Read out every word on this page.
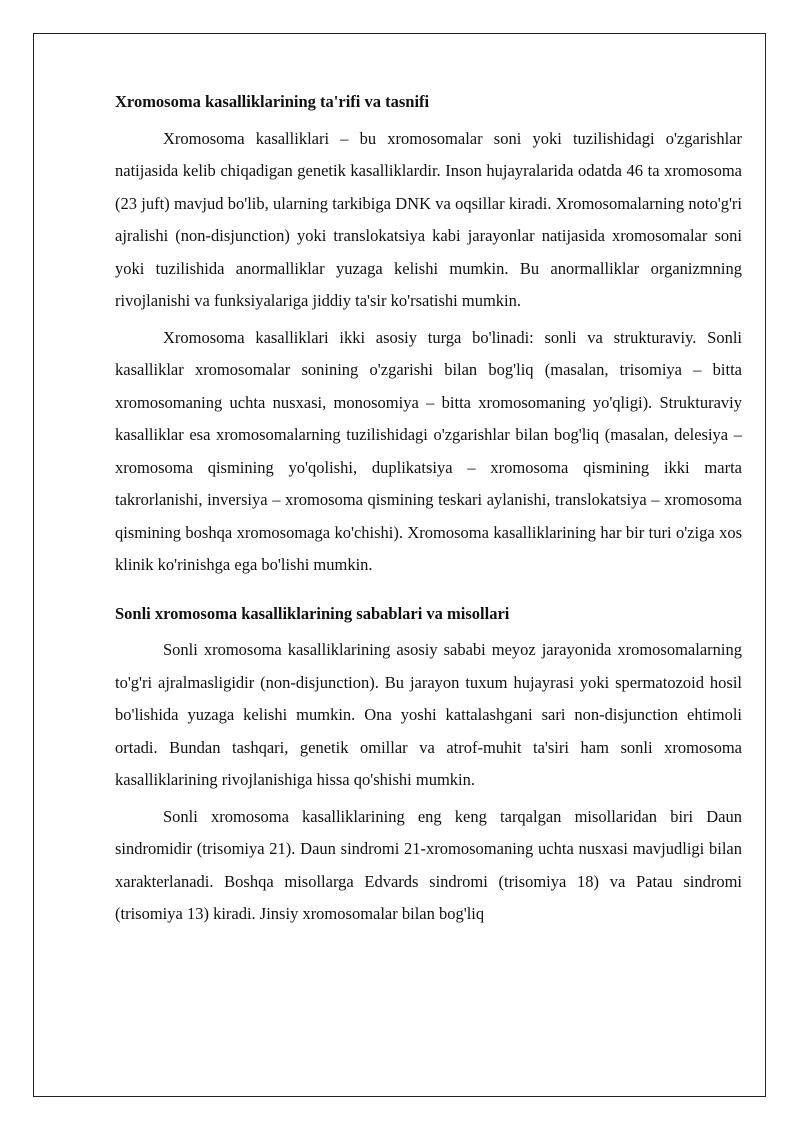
Xromosoma kasalliklarining ta'rifi va tasnifi

Xromosoma kasalliklari – bu xromosomalar soni yoki tuzilishidagi o'zgarishlar natijasida kelib chiqadigan genetik kasalliklardir. Inson hujayralarida odatda 46 ta xromosoma (23 juft) mavjud bo'lib, ularning tarkibiga DNK va oqsillar kiradi. Xromosomalarning noto'g'ri ajralishi (non-disjunction) yoki translokatsiya kabi jarayonlar natijasida xromosomalar soni yoki tuzilishida anormalliklar yuzaga kelishi mumkin. Bu anormalliklar organizmning rivojlanishi va funksiyalariga jiddiy ta'sir ko'rsatishi mumkin.

Xromosoma kasalliklari ikki asosiy turga bo'linadi: sonli va strukturaviy. Sonli kasalliklar xromosomalar sonining o'zgarishi bilan bog'liq (masalan, trisomiya – bitta xromosomaning uchta nusxasi, monosomiya – bitta xromosomaning yo'qligi). Strukturaviy kasalliklar esa xromosomalarning tuzilishidagi o'zgarishlar bilan bog'liq (masalan, delesiya – xromosoma qismining yo'qolishi, duplikatsiya – xromosoma qismining ikki marta takrorlanishi, inversiya – xromosoma qismining teskari aylanishi, translokatsiya – xromosoma qismining boshqa xromosomaga ko'chishi). Xromosoma kasalliklarining har bir turi o'ziga xos klinik ko'rinishga ega bo'lishi mumkin.

Sonli xromosoma kasalliklarining sabablari va misollari

Sonli xromosoma kasalliklarining asosiy sababi meyoz jarayonida xromosomalarning to'g'ri ajralmasligidir (non-disjunction). Bu jarayon tuxum hujayrasi yoki spermatozoid hosil bo'lishida yuzaga kelishi mumkin. Ona yoshi kattalashgani sari non-disjunction ehtimoli ortadi. Bundan tashqari, genetik omillar va atrof-muhit ta'siri ham sonli xromosoma kasalliklarining rivojlanishiga hissa qo'shishi mumkin.

Sonli xromosoma kasalliklarining eng keng tarqalgan misollaridan biri Daun sindromidir (trisomiya 21). Daun sindromi 21-xromosomaning uchta nusxasi mavjudligi bilan xarakterlanadi. Boshqa misollarga Edvards sindromi (trisomiya 18) va Patau sindromi (trisomiya 13) kiradi. Jinsiy xromosomalar bilan bog'liq
